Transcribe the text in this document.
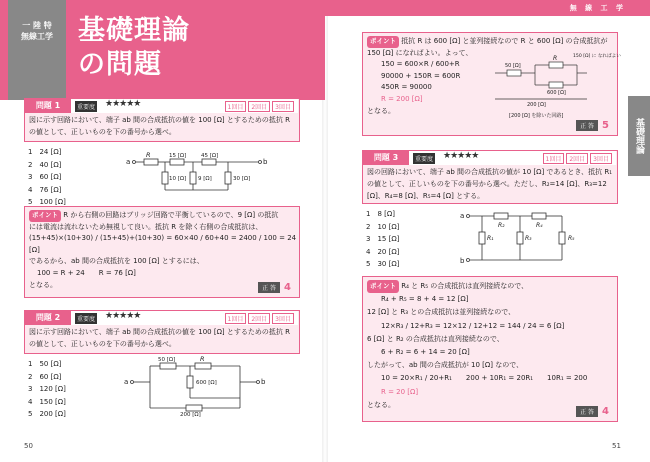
一 陸 特
無線工学 基礎理論
の問題
無 線 工 学
基礎理論
問題 1	重要度 ★★★★★	1回目	2回目	3回目
図に示す回路において、端子 ab 間の合成抵抗の値を 100 [Ω] とするための抵抗 R の値として、正しいものを下の番号から選べ。
1　24 [Ω]
2　40 [Ω]
3　60 [Ω]
4　76 [Ω]
5　100 [Ω]
a	b
R	15 [Ω]	45 [Ω]
10 [Ω] 9 [Ω]	30 [Ω]
ポイント R から右側の回路はブリッジ回路で平衡しているので、9 [Ω] の抵抗
には電流は流れないため無視して良い。抵抗 R を除く右側の合成抵抗は、
(15+45)×(10+30) / (15+45)+(10+30) = 60×40 / 60+40 = 2400 / 100 = 24 [Ω]
であるから、ab 間の合成抵抗を 100 [Ω] とするには、
100 = R + 24　　R = 76 [Ω]
となる。	正 答 4
問題 2	重要度 ★★★★★	1回目	2回目	3回目
図に示す回路において、端子 ab 間の合成抵抗の値を 100 [Ω] とするための抵抗 R の値として、正しいものを下の番号から選べ。
1　50 [Ω]
2　60 [Ω]
3　120 [Ω]
4　150 [Ω]
5　200 [Ω]
a	b
50 [Ω]	R
600 [Ω]
200 [Ω]
50
ポイント 抵抗 R は 600 [Ω] と並列接続なので R と 600 [Ω] の合成抵抗が
150 [Ω] になればよい。よって、
150 = 600×R / 600+R
90000 + 150R = 600R
450R = 90000
R = 200 [Ω]
となる。
50 [Ω]
R
600 [Ω]
200 [Ω]
150 [Ω] に なればよい
[200 [Ω] を除いた回路]
正 答 5
問題 3	重要度 ★★★★★	1回目	2回目	3回目
図の回路において、端子 ab 間の合成抵抗の値が 10 [Ω] であるとき、抵抗 R₁ の値として、正しいものを下の番号から選べ。ただし、R₂=14 [Ω]、R₃=12 [Ω]、R₄=8 [Ω]、R₅=4 [Ω] とする。
1　8 [Ω]
2　10 [Ω]
3　15 [Ω]
4　20 [Ω]
5　30 [Ω]
a
b
R₂	R₄
R₁	R₃	R₅
ポイント R₄ と R₅ の合成抵抗は直列接続なので、
R₄ + R₅ = 8 + 4 = 12 [Ω]
12 [Ω] と R₃ との合成抵抗は並列接続なので、
12×R₃ / 12+R₃ = 12×12 / 12+12 = 144 / 24 = 6 [Ω]
6 [Ω] と R₂ の合成抵抗は直列接続なので、
6 + R₂ = 6 + 14 = 20 [Ω]
したがって、ab 間の合成抵抗が 10 [Ω] なので、
10 = 20×R₁ / 20+R₁　　200 + 10R₁ = 20R₁　　10R₁ = 200
R = 20 [Ω]
となる。
正 答 4
51
